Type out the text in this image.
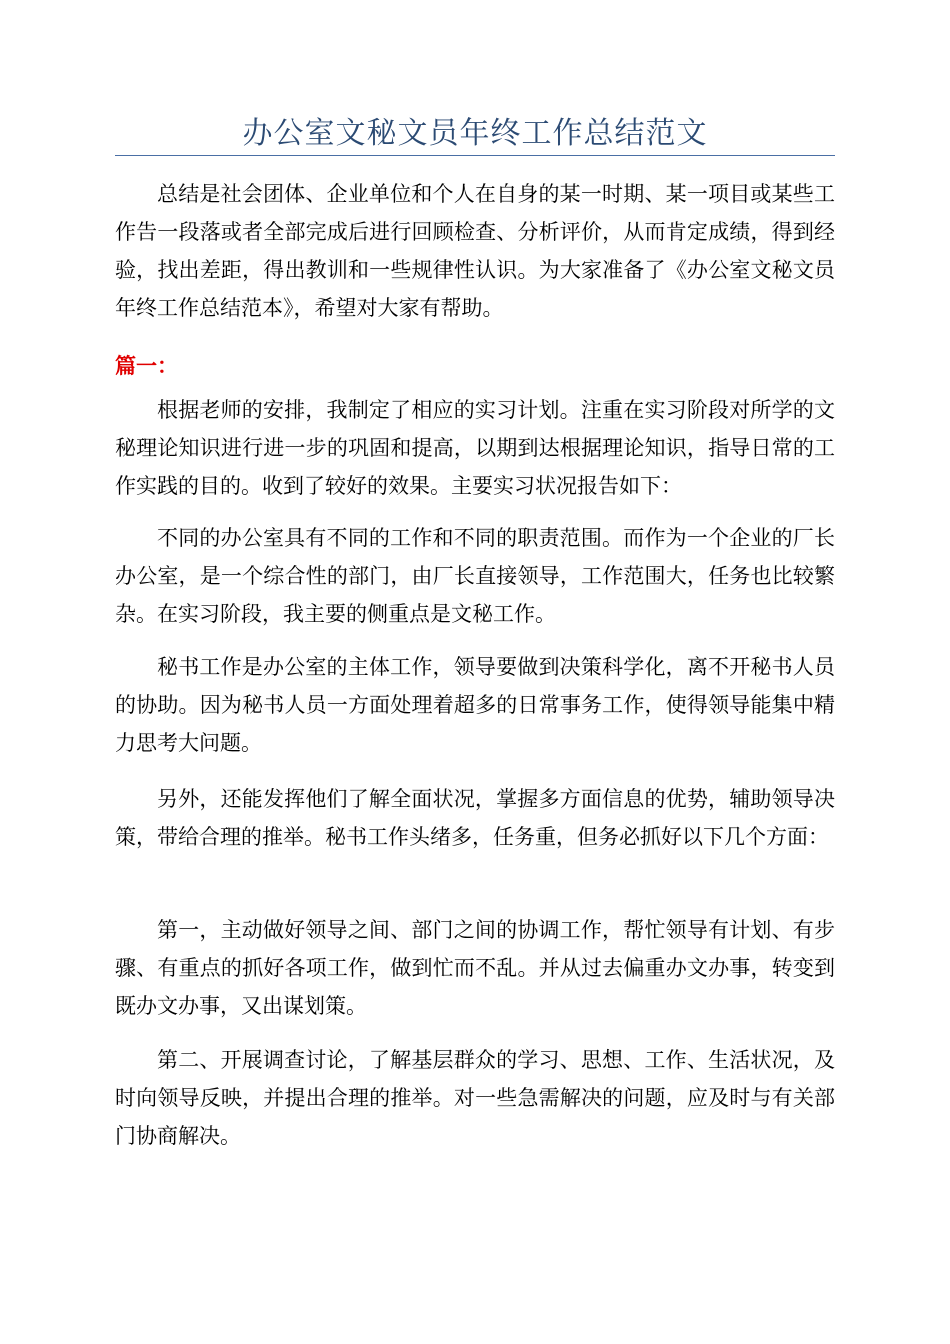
办公室文秘文员年终工作总结范文

总结是社会团体、企业单位和个人在自身的某一时期、某一项目或某些工作告一段落或者全部完成后进行回顾检查、分析评价，从而肯定成绩，得到经验，找出差距，得出教训和一些规律性认识。为大家准备了《办公室文秘文员年终工作总结范本》，希望对大家有帮助。

篇一：

根据老师的安排，我制定了相应的实习计划。注重在实习阶段对所学的文秘理论知识进行进一步的巩固和提高，以期到达根据理论知识，指导日常的工作实践的目的。收到了较好的效果。主要实习状况报告如下：

不同的办公室具有不同的工作和不同的职责范围。而作为一个企业的厂长办公室，是一个综合性的部门，由厂长直接领导，工作范围大，任务也比较繁杂。在实习阶段，我主要的侧重点是文秘工作。

秘书工作是办公室的主体工作，领导要做到决策科学化，离不开秘书人员的协助。因为秘书人员一方面处理着超多的日常事务工作，使得领导能集中精力思考大问题。

另外，还能发挥他们了解全面状况，掌握多方面信息的优势，辅助领导决策，带给合理的推举。秘书工作头绪多，任务重，但务必抓好以下几个方面：

第一，主动做好领导之间、部门之间的协调工作，帮忙领导有计划、有步骤、有重点的抓好各项工作，做到忙而不乱。并从过去偏重办文办事，转变到既办文办事，又出谋划策。

第二、开展调查讨论，了解基层群众的学习、思想、工作、生活状况，及时向领导反映，并提出合理的推举。对一些急需解决的问题，应及时与有关部门协商解决。
